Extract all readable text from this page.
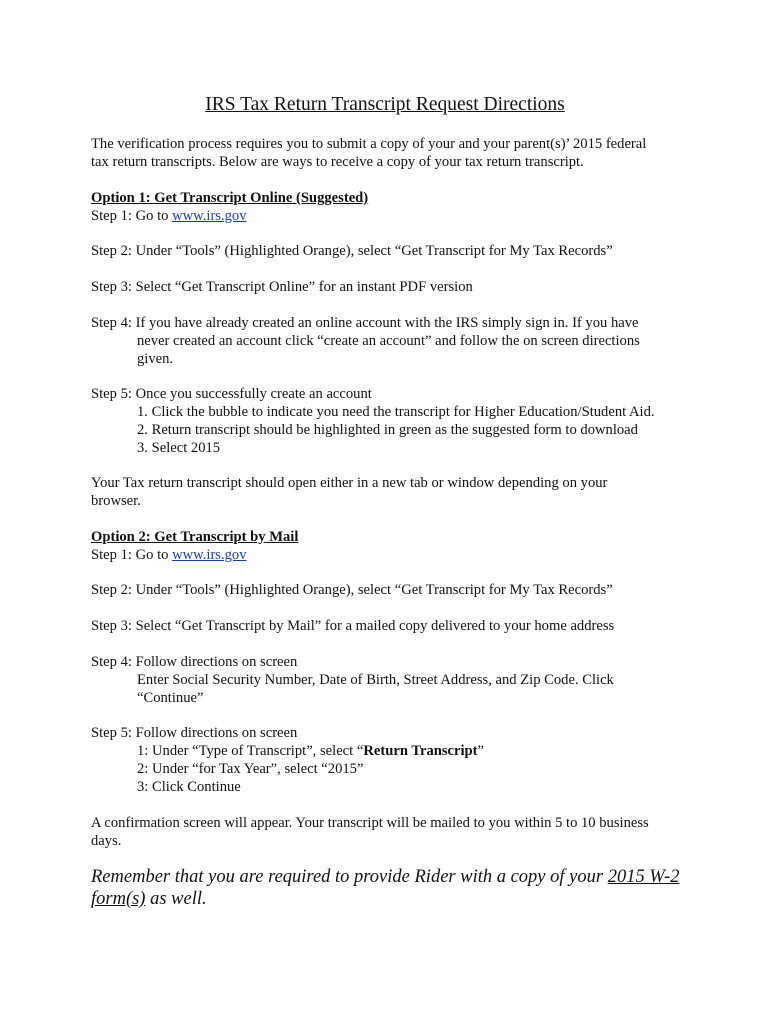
IRS Tax Return Transcript Request Directions
The verification process requires you to submit a copy of your and your parent(s)’ 2015 federal
tax return transcripts. Below are ways to receive a copy of your tax return transcript.
Option 1: Get Transcript Online (Suggested)
Step 1: Go to www.irs.gov
Step 2: Under “Tools” (Highlighted Orange), select “Get Transcript for My Tax Records”
Step 3: Select “Get Transcript Online” for an instant PDF version
Step 4: If you have already created an online account with the IRS simply sign in. If you have
never created an account click “create an account” and follow the on screen directions
given.
Step 5: Once you successfully create an account
1. Click the bubble to indicate you need the transcript for Higher Education/Student Aid.
2. Return transcript should be highlighted in green as the suggested form to download
3. Select 2015
Your Tax return transcript should open either in a new tab or window depending on your
browser.
Option 2: Get Transcript by Mail
Step 1: Go to www.irs.gov
Step 2: Under “Tools” (Highlighted Orange), select “Get Transcript for My Tax Records”
Step 3: Select “Get Transcript by Mail” for a mailed copy delivered to your home address
Step 4: Follow directions on screen
Enter Social Security Number, Date of Birth, Street Address, and Zip Code. Click
“Continue”
Step 5: Follow directions on screen
1: Under “Type of Transcript”, select “Return Transcript”
2: Under “for Tax Year”, select “2015”
3: Click Continue
A confirmation screen will appear. Your transcript will be mailed to you within 5 to 10 business
days.
Remember that you are required to provide Rider with a copy of your 2015 W-2
form(s) as well.
